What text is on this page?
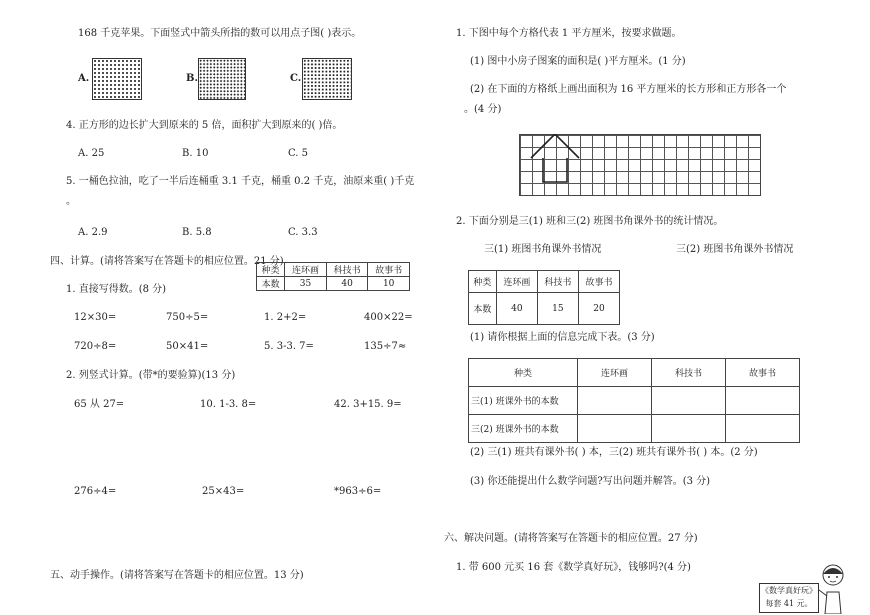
168 千克苹果。下面竖式中箭头所指的数可以用点子图( )表示。
A.	B.	C.
4. 正方形的边长扩大到原来的 5 倍，面积扩大到原来的( )倍。
A. 25	B. 10	C. 5
5. 一桶色拉油，吃了一半后连桶重 3.1 千克，桶重 0.2 千克，油原来重( )千克
。
A. 2.9	B. 5.8	C. 3.3
四、计算。(请将答案写在答题卡的相应位置。21 分)
种类	连环画	科技书	故事书
本数	35	40	10
1. 直接写得数。(8 分)
12×30=	750÷5=	1. 2+2=	400×22=
720÷8=	50×41=	5. 3-3. 7=	135÷7≈
2. 列竖式计算。(带*的要验算)(13 分)
65 从 27=	10. 1-3. 8=	42. 3+15. 9=
276÷4=	25×43=	*963÷6=
五、动手操作。(请将答案写在答题卡的相应位置。13 分)
1. 下图中每个方格代表 1 平方厘米，按要求做题。
(1) 图中小房子图案的面积是( )平方厘米。(1 分)
(2) 在下面的方格纸上画出面积为 16 平方厘米的长方形和正方形各一个
。(4 分)
2. 下面分别是三(1) 班和三(2) 班图书角课外书的统计情况。
三(1) 班图书角课外书情况	三(2) 班图书角课外书情况
种类	连环画	科技书	故事书
本数	40	15	20
(1) 请你根据上面的信息完成下表。(3 分)
种类	连环画	科技书	故事书
三(1) 班课外书的本数			
三(2) 班课外书的本数			
(2) 三(1) 班共有课外书( ) 本，三(2) 班共有课外书( ) 本。(2 分)
(3) 你还能提出什么数学问题?写出问题并解答。(3 分)
六、解决问题。(请将答案写在答题卡的相应位置。27 分)
1. 带 600 元买 16 套《数学真好玩》，钱够吗?(4 分)
《数学真好玩》
每套 41 元。
